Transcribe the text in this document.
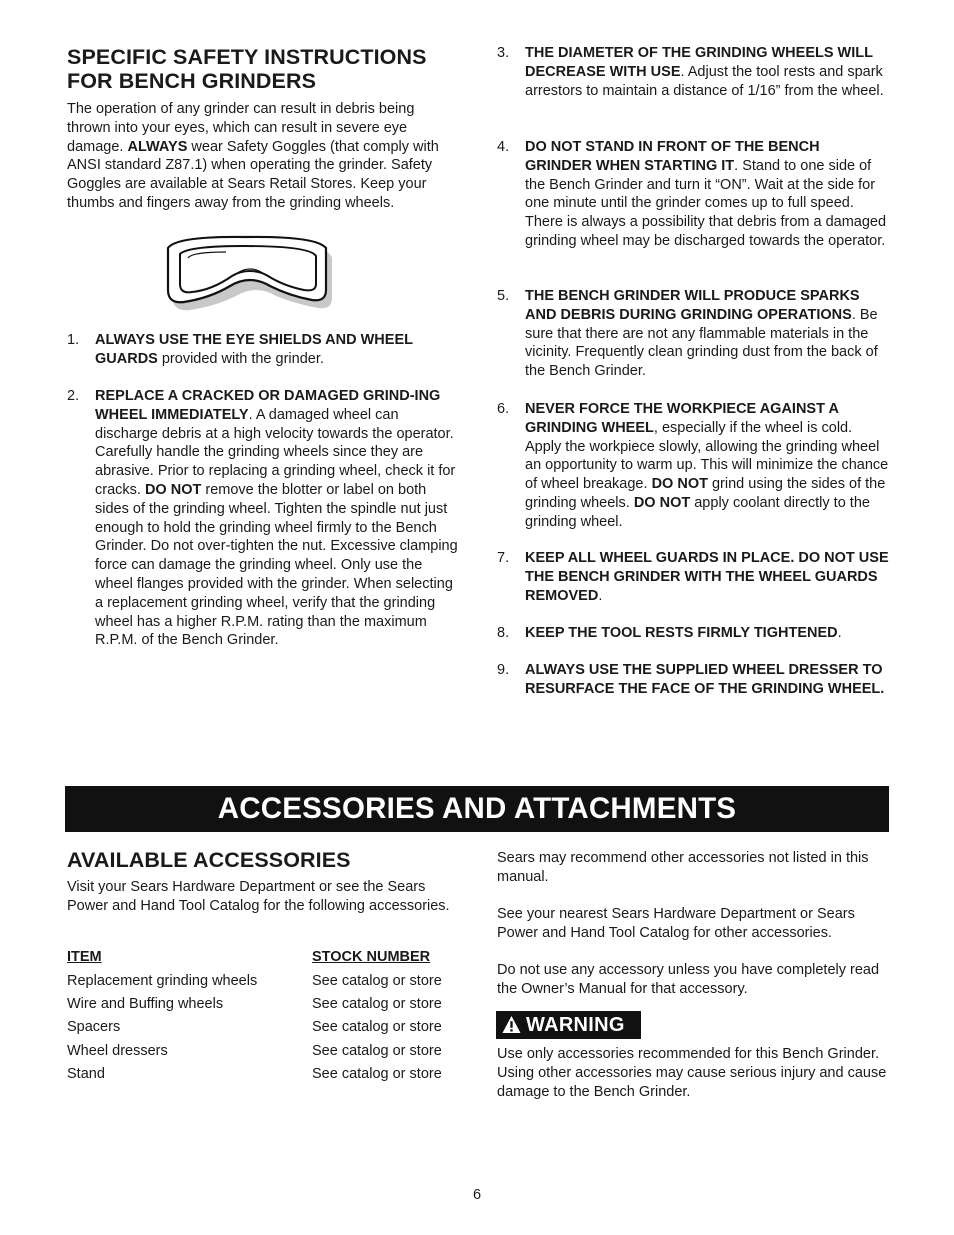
SPECIFIC SAFETY INSTRUCTIONS
FOR BENCH GRINDERS

The operation of any grinder can result in debris being thrown into your eyes, which can result in severe eye damage. ALWAYS wear Safety Goggles (that comply with ANSI standard Z87.1) when operating the grinder. Safety Goggles are available at Sears Retail Stores. Keep your thumbs and fingers away from the grinding wheels.

1.	ALWAYS USE THE EYE SHIELDS AND WHEEL GUARDS provided with the grinder.
2.	REPLACE A CRACKED OR DAMAGED GRIND-ING WHEEL IMMEDIATELY. A damaged wheel can discharge debris at a high velocity towards the operator. Carefully handle the grinding wheels since they are abrasive. Prior to replacing a grinding wheel, check it for cracks. DO NOT remove the blotter or label on both sides of the grinding wheel. Tighten the spindle nut just enough to hold the grinding wheel firmly to the Bench Grinder. Do not over-tighten the nut. Excessive clamping force can damage the grinding wheel. Only use the wheel flanges provided with the grinder. When selecting a replacement grinding wheel, verify that the grinding wheel has a higher R.P.M. rating than the maximum R.P.M. of the Bench Grinder.
3.	THE DIAMETER OF THE GRINDING WHEELS WILL DECREASE WITH USE. Adjust the tool rests and spark arrestors to maintain a distance of 1/16” from the wheel.
4.	DO NOT STAND IN FRONT OF THE BENCH GRINDER WHEN STARTING IT. Stand to one side of the Bench Grinder and turn it “ON”. Wait at the side for one minute until the grinder comes up to full speed. There is always a possibility that debris from a damaged grinding wheel may be discharged towards the operator.
5.	THE BENCH GRINDER WILL PRODUCE SPARKS AND DEBRIS DURING GRINDING OPERATIONS. Be sure that there are not any flammable materials in the vicinity. Frequently clean grinding dust from the back of the Bench Grinder.
6.	NEVER FORCE THE WORKPIECE AGAINST A GRINDING WHEEL, especially if the wheel is cold. Apply the workpiece slowly, allowing the grinding wheel an opportunity to warm up. This will minimize the chance of wheel breakage. DO NOT grind using the sides of the grinding wheels. DO NOT apply coolant directly to the grinding wheel.
7.	KEEP ALL WHEEL GUARDS IN PLACE. DO NOT USE THE BENCH GRINDER WITH THE WHEEL GUARDS REMOVED.
8.	KEEP THE TOOL RESTS FIRMLY TIGHTENED.
9.	ALWAYS USE THE SUPPLIED WHEEL DRESSER TO RESURFACE THE FACE OF THE GRINDING WHEEL.
ACCESSORIES AND ATTACHMENTS
AVAILABLE ACCESSORIES

Visit your Sears Hardware Department or see the Sears Power and Hand Tool Catalog for the following accessories.

ITEM	STOCK NUMBER
Replacement grinding wheels	See catalog or store
Wire and Buffing wheels	See catalog or store
Spacers	See catalog or store
Wheel dressers	See catalog or store
Stand	See catalog or store

Sears may recommend other accessories not listed in this manual.

See your nearest Sears Hardware Department or Sears Power and Hand Tool Catalog for other accessories.

Do not use any accessory unless you have completely read the Owner’s Manual for that accessory.

WARNING

Use only accessories recommended for this Bench Grinder. Using other accessories may cause serious injury and cause damage to the Bench Grinder.

6
